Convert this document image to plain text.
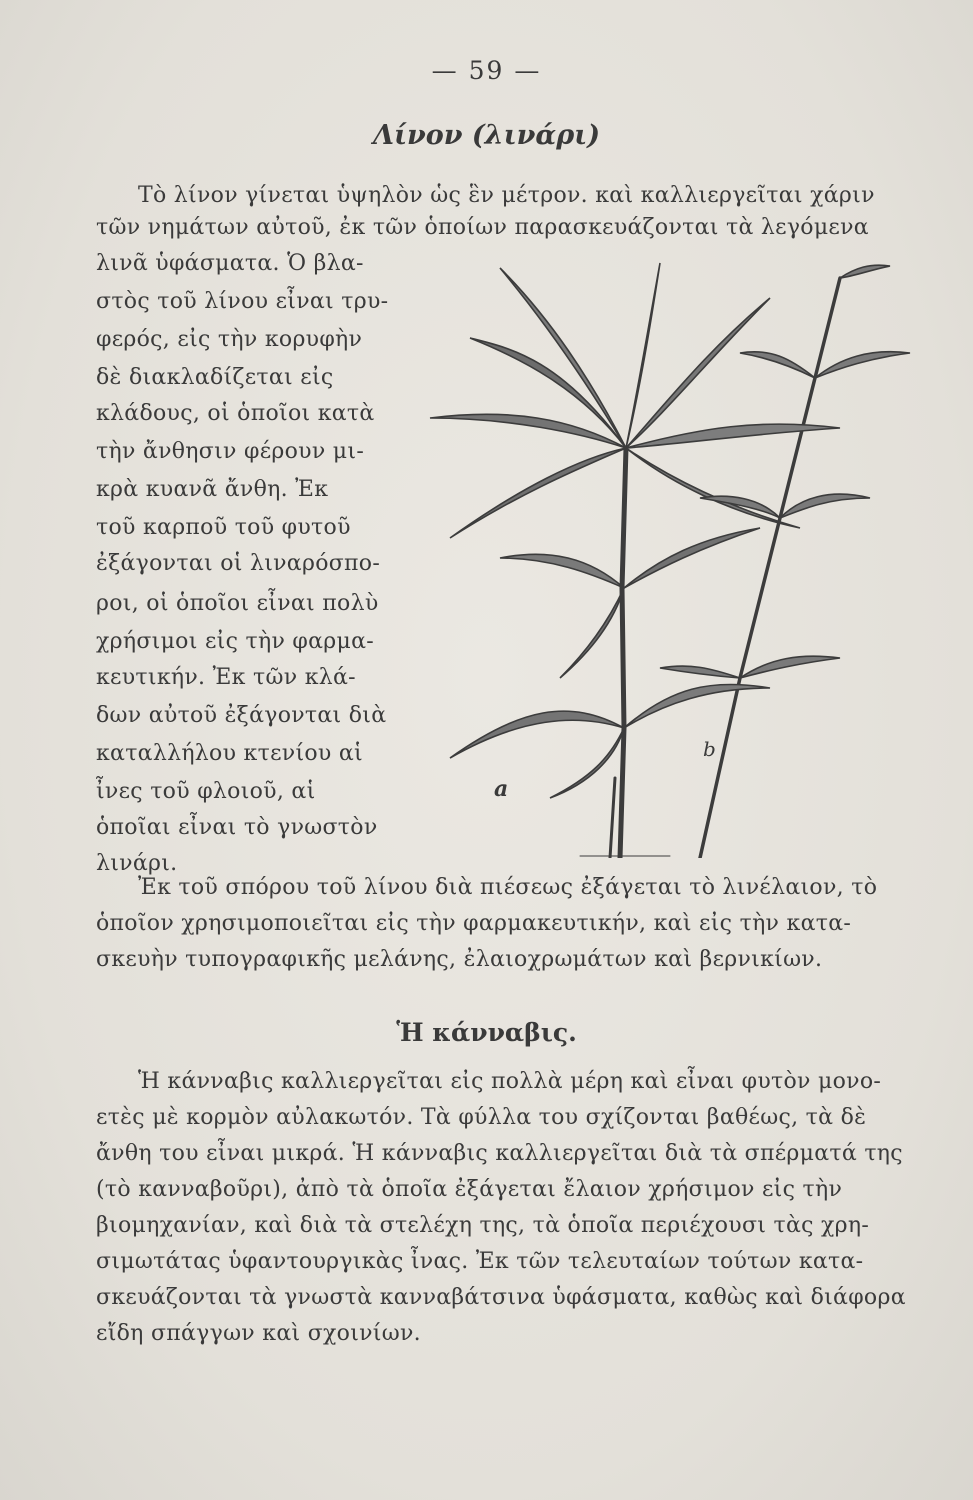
— 59 —
Λίνον (λινάρι)
Τὸ λίνον γίνεται ὑψηλὸν ὡς ἓν μέτρον. καὶ καλλιεργεῖται χάριν
τῶν νημάτων αὐτοῦ, ἐκ τῶν ὁποίων παρασκευάζονται τὰ λεγόμενα
λινᾶ ὑφάσματα. Ὁ βλα-
στὸς τοῦ λίνου εἶναι τρυ-
φερός, εἰς τὴν κορυφὴν
δὲ διακλαδίζεται εἰς
κλάδους, οἱ ὁποῖοι κατὰ
τὴν ἄνθησιν φέρουν μι-
κρὰ κυανᾶ ἄνθη. Ἐκ
τοῦ καρποῦ τοῦ φυτοῦ
ἐξάγονται οἱ λιναρόσπο-
ροι, οἱ ὁποῖοι εἶναι πολὺ
χρήσιμοι εἰς τὴν φαρμα-
κευτικήν. Ἐκ τῶν κλά-
δων αὐτοῦ ἐξάγονται διὰ
καταλλήλου κτενίου αἱ
ἶνες τοῦ φλοιοῦ, αἱ
ὁποῖαι εἶναι τὸ γνωστὸν
λινάρι.
Ἐκ τοῦ σπόρου τοῦ λίνου διὰ πιέσεως ἐξάγεται τὸ λινέλαιον, τὸ
ὁποῖον χρησιμοποιεῖται εἰς τὴν φαρμακευτικήν, καὶ εἰς τὴν κατα-
σκευὴν τυπογραφικῆς μελάνης, ἐλαιοχρωμάτων καὶ βερνικίων.
a
b
Ἡ κάνναβις.
Ἡ κάνναβις καλλιεργεῖται εἰς πολλὰ μέρη καὶ εἶναι φυτὸν μονο-
ετὲς μὲ κορμὸν αὐλακωτόν. Τὰ φύλλα του σχίζονται βαθέως, τὰ δὲ
ἄνθη του εἶναι μικρά. Ἡ κάνναβις καλλιεργεῖται διὰ τὰ σπέρματά της
(τὸ κανναβοῦρι), ἀπὸ τὰ ὁποῖα ἐξάγεται ἔλαιον χρήσιμον εἰς τὴν
βιομηχανίαν, καὶ διὰ τὰ στελέχη της, τὰ ὁποῖα περιέχουσι τὰς χρη-
σιμωτάτας ὑφαντουργικὰς ἶνας. Ἐκ τῶν τελευταίων τούτων κατα-
σκευάζονται τὰ γνωστὰ κανναβάτσινα ὑφάσματα, καθὼς καὶ διάφορα
εἴδη σπάγγων καὶ σχοινίων.
